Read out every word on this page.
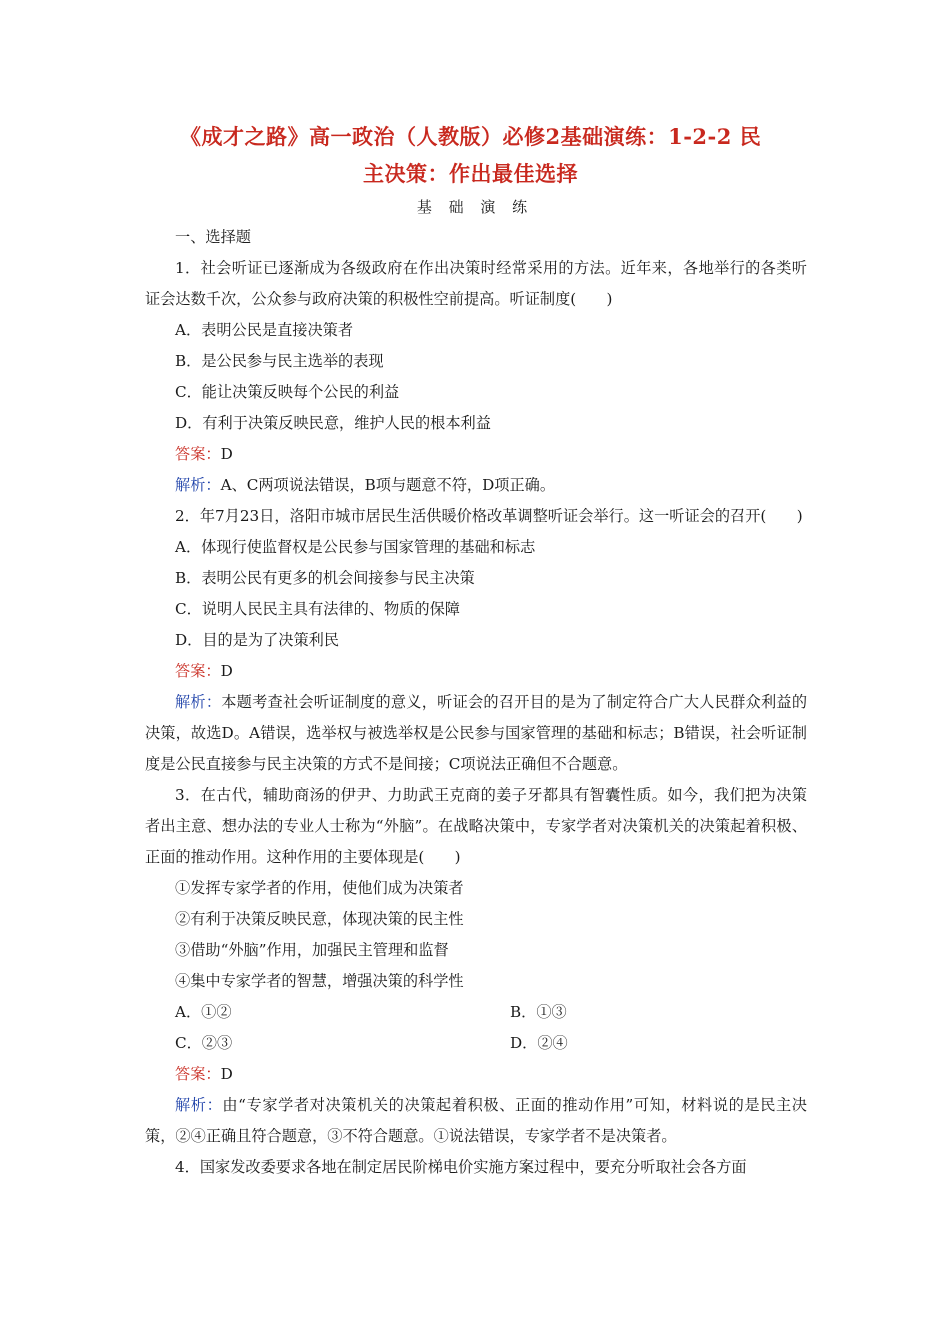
《成才之路》高一政治（人教版）必修2基础演练：1-2-2 民
主决策：作出最佳选择
基 础 演 练

一、选择题

1．社会听证已逐渐成为各级政府在作出决策时经常采用的方法。近年来，各地举行的各类听证会达数千次，公众参与政府决策的积极性空前提高。听证制度(　　)

A．表明公民是直接决策者

B．是公民参与民主选举的表现

C．能让决策反映每个公民的利益

D．有利于决策反映民意，维护人民的根本利益

答案：D

解析：A、C两项说法错误，B项与题意不符，D项正确。

2．年7月23日，洛阳市城市居民生活供暖价格改革调整听证会举行。这一听证会的召开(　　)

A．体现行使监督权是公民参与国家管理的基础和标志

B．表明公民有更多的机会间接参与民主决策

C．说明人民民主具有法律的、物质的保障

D．目的是为了决策利民

答案：D

解析：本题考查社会听证制度的意义，听证会的召开目的是为了制定符合广大人民群众利益的决策，故选D。A错误，选举权与被选举权是公民参与国家管理的基础和标志；B错误，社会听证制度是公民直接参与民主决策的方式不是间接；C项说法正确但不合题意。

3．在古代，辅助商汤的伊尹、力助武王克商的姜子牙都具有智囊性质。如今，我们把为决策者出主意、想办法的专业人士称为“外脑”。在战略决策中，专家学者对决策机关的决策起着积极、正面的推动作用。这种作用的主要体现是(　　)

①发挥专家学者的作用，使他们成为决策者

②有利于决策反映民意，体现决策的民主性

③借助“外脑”作用，加强民主管理和监督

④集中专家学者的智慧，增强决策的科学性

A．①②	B．①③
C．②③	D．②④

答案：D

解析：由“专家学者对决策机关的决策起着积极、正面的推动作用”可知，材料说的是民主决策，②④正确且符合题意，③不符合题意。①说法错误，专家学者不是决策者。

4．国家发改委要求各地在制定居民阶梯电价实施方案过程中，要充分听取社会各方面
